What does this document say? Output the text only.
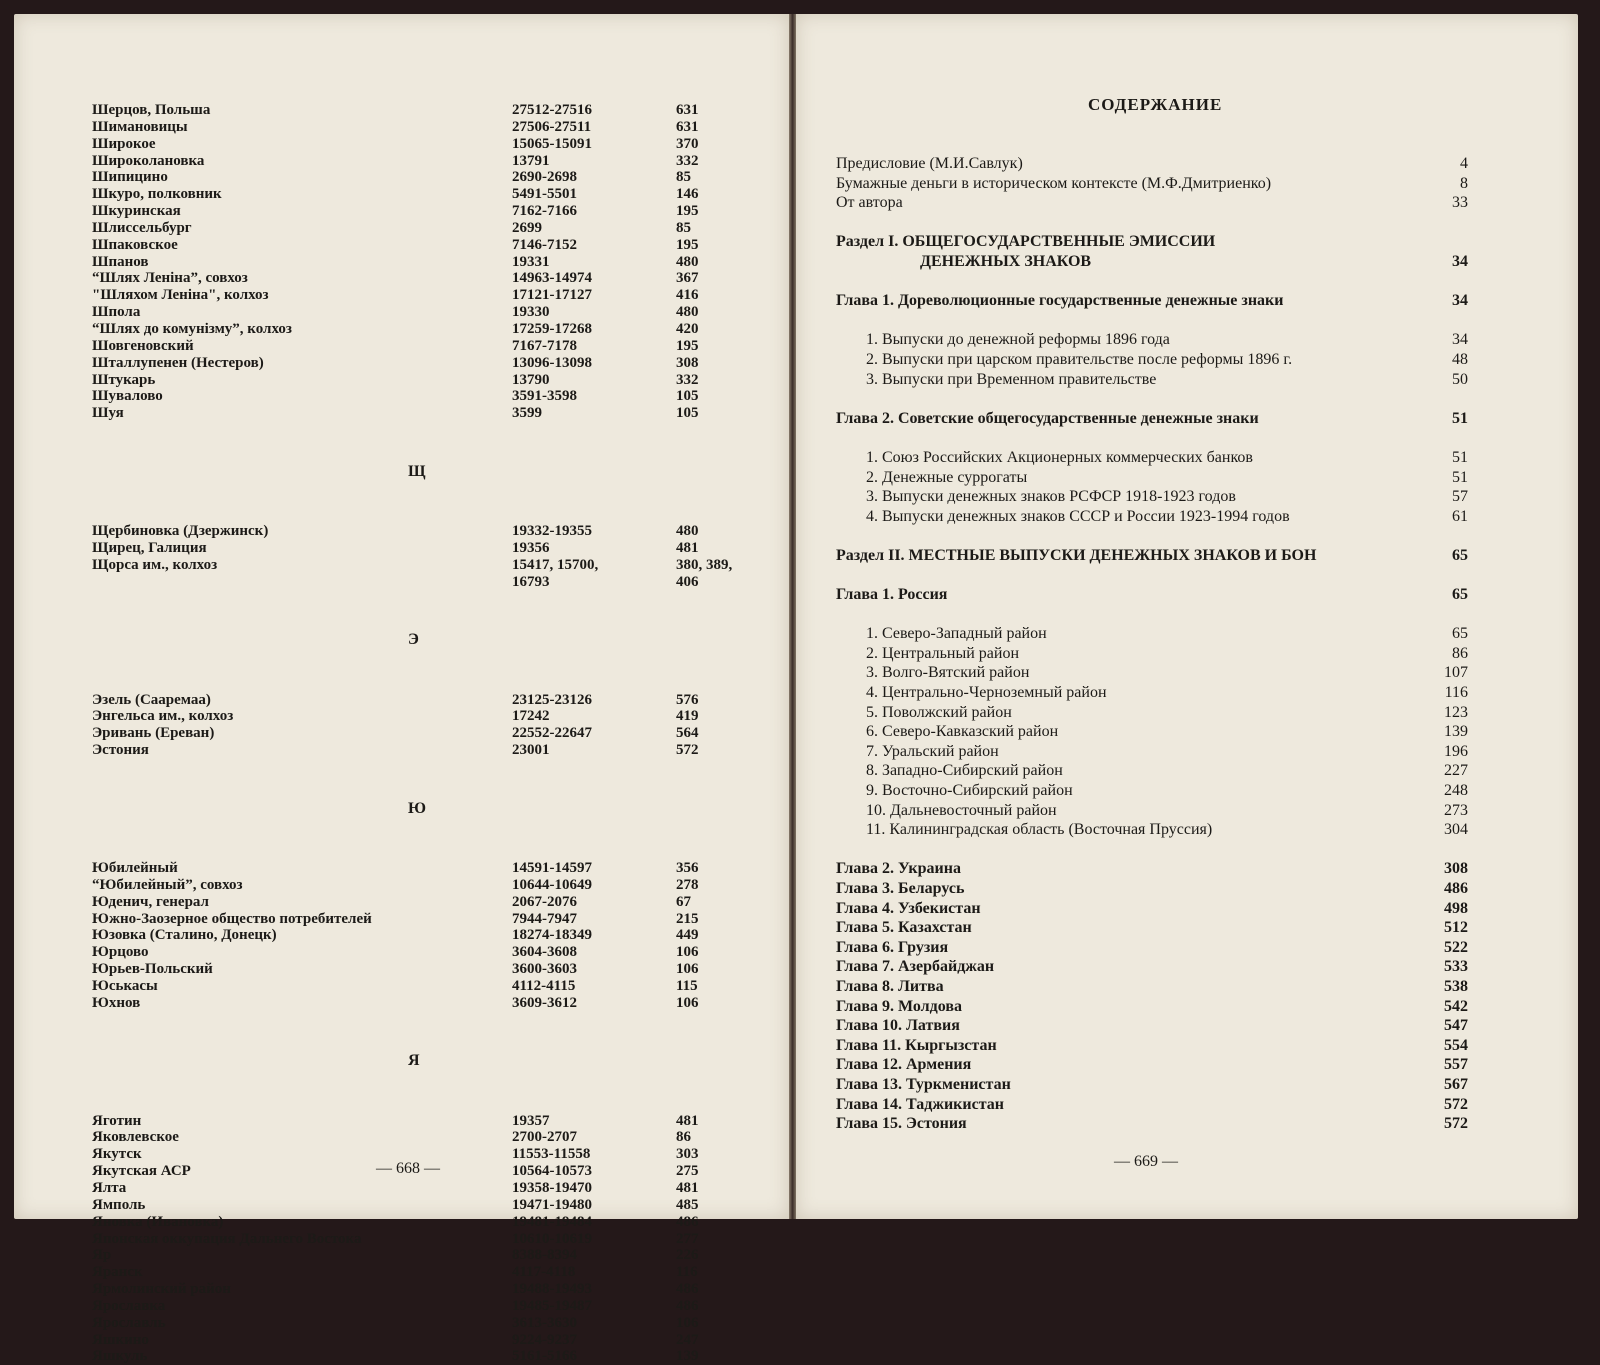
Шерцов, Польша	27512-27516	631
Шимановицы	27506-27511	631
Широкое	15065-15091	370
Широколановка	13791	332
Шипицино	2690-2698	85
Шкуро, полковник	5491-5501	146
Шкуринская	7162-7166	195
Шлиссельбург	2699	85
Шпаковское	7146-7152	195
Шпанов	19331	480
“Шлях Леніна”, совхоз	14963-14974	367
"Шляхом Леніна", колхоз	17121-17127	416
Шпола	19330	480
“Шлях до комунізму”, колхоз	17259-17268	420
Шовгеновский	7167-7178	195
Шталлупенен (Нестеров)	13096-13098	308
Штукарь	13790	332
Шувалово	3591-3598	105
Шуя	3599	105
Щ
Щербиновка (Дзержинск)	19332-19355	480
Щирец, Галиция	19356	481
Щорса им., колхоз	15417, 15700,	380, 389,
16793	406
Э
Эзель (Сааремаа)	23125-23126	576
Энгельса им., колхоз	17242	419
Эривань (Ереван)	22552-22647	564
Эстония	23001	572
Ю
Юбилейный	14591-14597	356
“Юбилейный”, совхоз	10644-10649	278
Юденич, генерал	2067-2076	67
Южно-Заозерное общество потребителей	7944-7947	215
Юзовка (Сталино, Донецк)	18274-18349	449
Юрцово	3604-3608	106
Юрьев-Польский	3600-3603	106
Юськасы	4112-4115	115
Юхнов	3609-3612	106
Я
Яготин	19357	481
Яковлевское	2700-2707	86
Якутск	11553-11558	303
Якутская АСР	10564-10573	275
Ялта	19358-19470	481
Ямполь	19471-19480	485
Яновка (Ивановка)	19481-19484	486
Японская оккупация Дальнего Востока	10610-10619	277
Яр	8388-8394	226
Яранск	4117-4118	116
Ярмолинский район	19488-19493	486
Ярославка	19485-19487	486
Ярославль	3613-3630	106
Яшкино	9224-9237	247
Яшкуль	5161-5166	139
— 668 —
СОДЕРЖАНИЕ
Предисловие (М.И.Савлук)	4
Бумажные деньги в историческом контексте (М.Ф.Дмитриенко)	8
От автора	33
Раздел I. ОБЩЕГОСУДАРСТВЕННЫЕ ЭМИССИИ
ДЕНЕЖНЫХ ЗНАКОВ	34
Глава 1. Дореволюционные государственные денежные знаки	34
1. Выпуски до денежной реформы 1896 года	34
2. Выпуски при царском правительстве после реформы 1896 г.	48
3. Выпуски при Временном правительстве	50
Глава 2. Советские общегосударственные денежные знаки	51
1. Союз Российских Акционерных коммерческих банков	51
2. Денежные суррогаты	51
3. Выпуски денежных знаков РСФСР 1918-1923 годов	57
4. Выпуски денежных знаков СССР и России 1923-1994 годов	61
Раздел II. МЕСТНЫЕ ВЫПУСКИ ДЕНЕЖНЫХ ЗНАКОВ И БОН	65
Глава 1. Россия	65
1. Северо-Западный район	65
2. Центральный район	86
3. Волго-Вятский район	107
4. Центрально-Черноземный район	116
5. Поволжский район	123
6. Северо-Кавказский район	139
7. Уральский район	196
8. Западно-Сибирский район	227
9. Восточно-Сибирский район	248
10. Дальневосточный район	273
11. Калининградская область (Восточная Пруссия)	304
Глава 2. Украина	308
Глава 3. Беларусь	486
Глава 4. Узбекистан	498
Глава 5. Казахстан	512
Глава 6. Грузия	522
Глава 7. Азербайджан	533
Глава 8. Литва	538
Глава 9. Молдова	542
Глава 10. Латвия	547
Глава 11. Кыргызстан	554
Глава 12. Армения	557
Глава 13. Туркменистан	567
Глава 14. Таджикистан	572
Глава 15. Эстония	572
— 669 —
